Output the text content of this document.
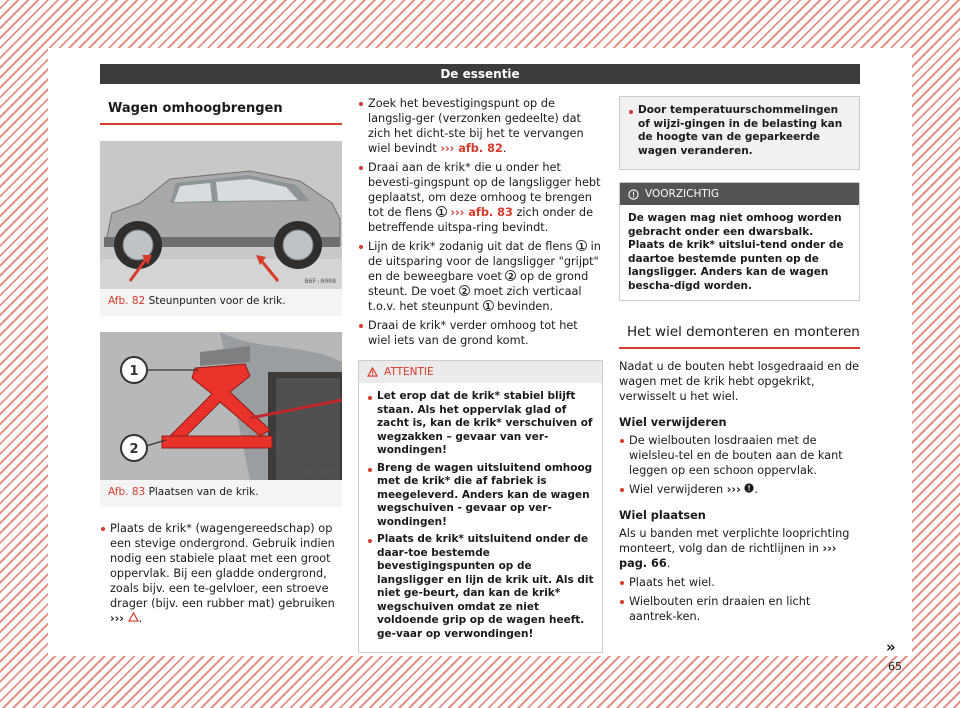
De essentie
Wagen omhoogbrengen
B6F-0008
Afb. 82 Steunpunten voor de krik.
1
2
B1F-0444
Afb. 83 Plaatsen van de krik.
Plaats de krik* (wagengereedschap) op een stevige ondergrond. Gebruik indien nodig een stabiele plaat met een groot oppervlak. Bij een gladde ondergrond, zoals bijv. een te-gelvloer, een stroeve drager (bijv. een rubber mat) gebruiken ››› .
Zoek het bevestigingspunt op de langslig-ger (verzonken gedeelte) dat zich het dicht-ste bij het te vervangen wiel bevindt ››› afb. 82.
Draai aan de krik* die u onder het bevesti-gingspunt op de langsligger hebt geplaatst, om deze omhoog te brengen tot de flens 1 ››› afb. 83 zich onder de betreffende uitspa-ring bevindt.
Lijn de krik* zodanig uit dat de flens 1 in de uitsparing voor de langsligger "grijpt" en de beweegbare voet 2 op de grond steunt. De voet 2 moet zich verticaal t.o.v. het steunpunt 1 bevinden.
Draai de krik* verder omhoog tot het wiel iets van de grond komt.
ATTENTIE
Let erop dat de krik* stabiel blijft staan. Als het oppervlak glad of zacht is, kan de krik* verschuiven of wegzakken – gevaar van ver-wondingen!
Breng de wagen uitsluitend omhoog met de krik* die af fabriek is meegeleverd. Anders kan de wagen wegschuiven - gevaar op ver-wondingen!
Plaats de krik* uitsluitend onder de daar-toe bestemde bevestigingspunten op de langsligger en lijn de krik uit. Als dit niet ge-beurt, dan kan de krik* wegschuiven omdat ze niet voldoende grip op de wagen heeft. ge-vaar op verwondingen!
Door temperatuurschommelingen of wijzi-gingen in de belasting kan de hoogte van de geparkeerde wagen veranderen.
VOORZICHTIG

De wagen mag niet omhoog worden gebracht onder een dwarsbalk. Plaats de krik* uitslui-tend onder de daartoe bestemde punten op de langsligger. Anders kan de wagen bescha-digd worden.

Het wiel demonteren en monteren

Nadat u de bouten hebt losgedraaid en de wagen met de krik hebt opgekrikt, verwisselt u het wiel.

Wiel verwijderen
De wielbouten losdraaien met de wielsleu-tel en de bouten aan de kant leggen op een schoon oppervlak.
Wiel verwijderen ››› .
Wiel plaatsen

Als u banden met verplichte looprichting monteert, volg dan de richtlijnen in ››› pag. 66.

Plaats het wiel.
Wielbouten erin draaien en licht aantrek-ken.
»
65
